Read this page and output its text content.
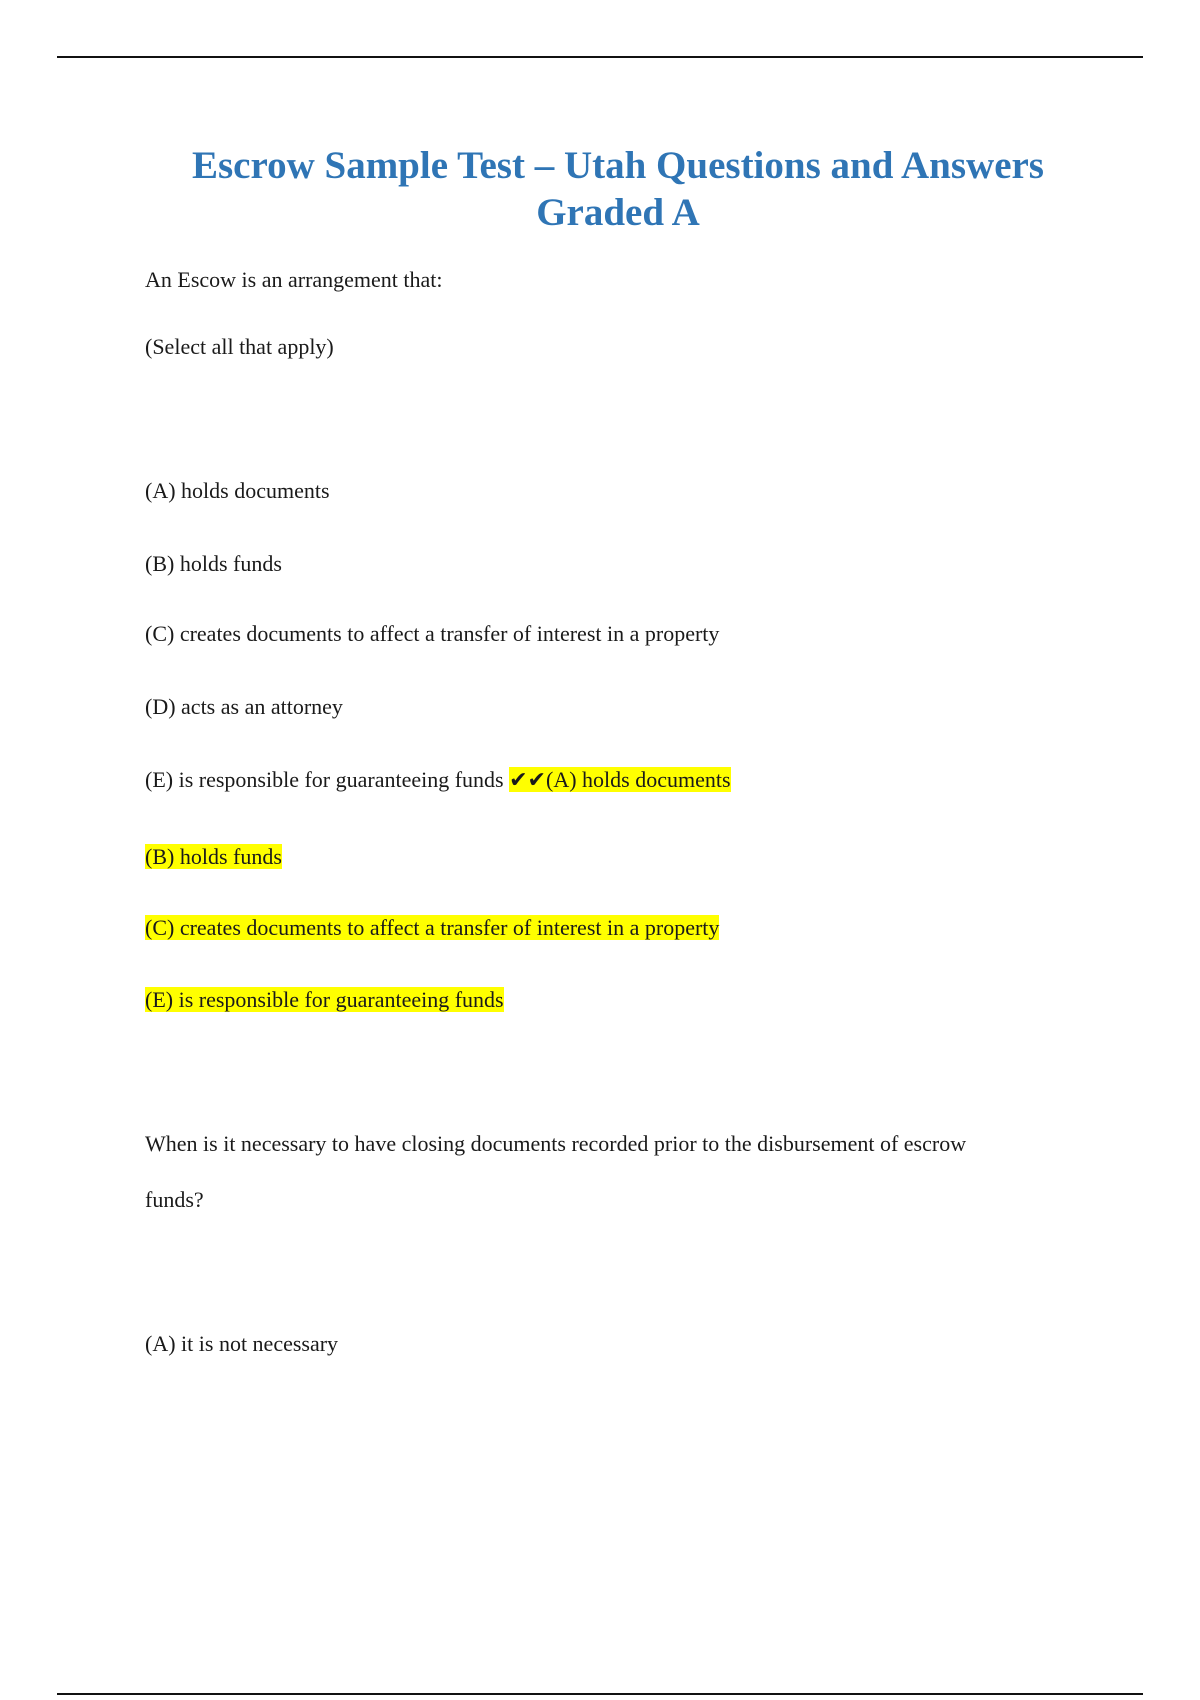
Escrow Sample Test – Utah Questions and Answers
Graded A

An Escow is an arrangement that:

(Select all that apply)

(A) holds documents

(B) holds funds

(C) creates documents to affect a transfer of interest in a property

(D) acts as an attorney

(E) is responsible for guaranteeing funds ✔✔(A) holds documents

(B) holds funds

(C) creates documents to affect a transfer of interest in a property

(E) is responsible for guaranteeing funds

When is it necessary to have closing documents recorded prior to the disbursement of escrow

funds?

(A) it is not necessary
